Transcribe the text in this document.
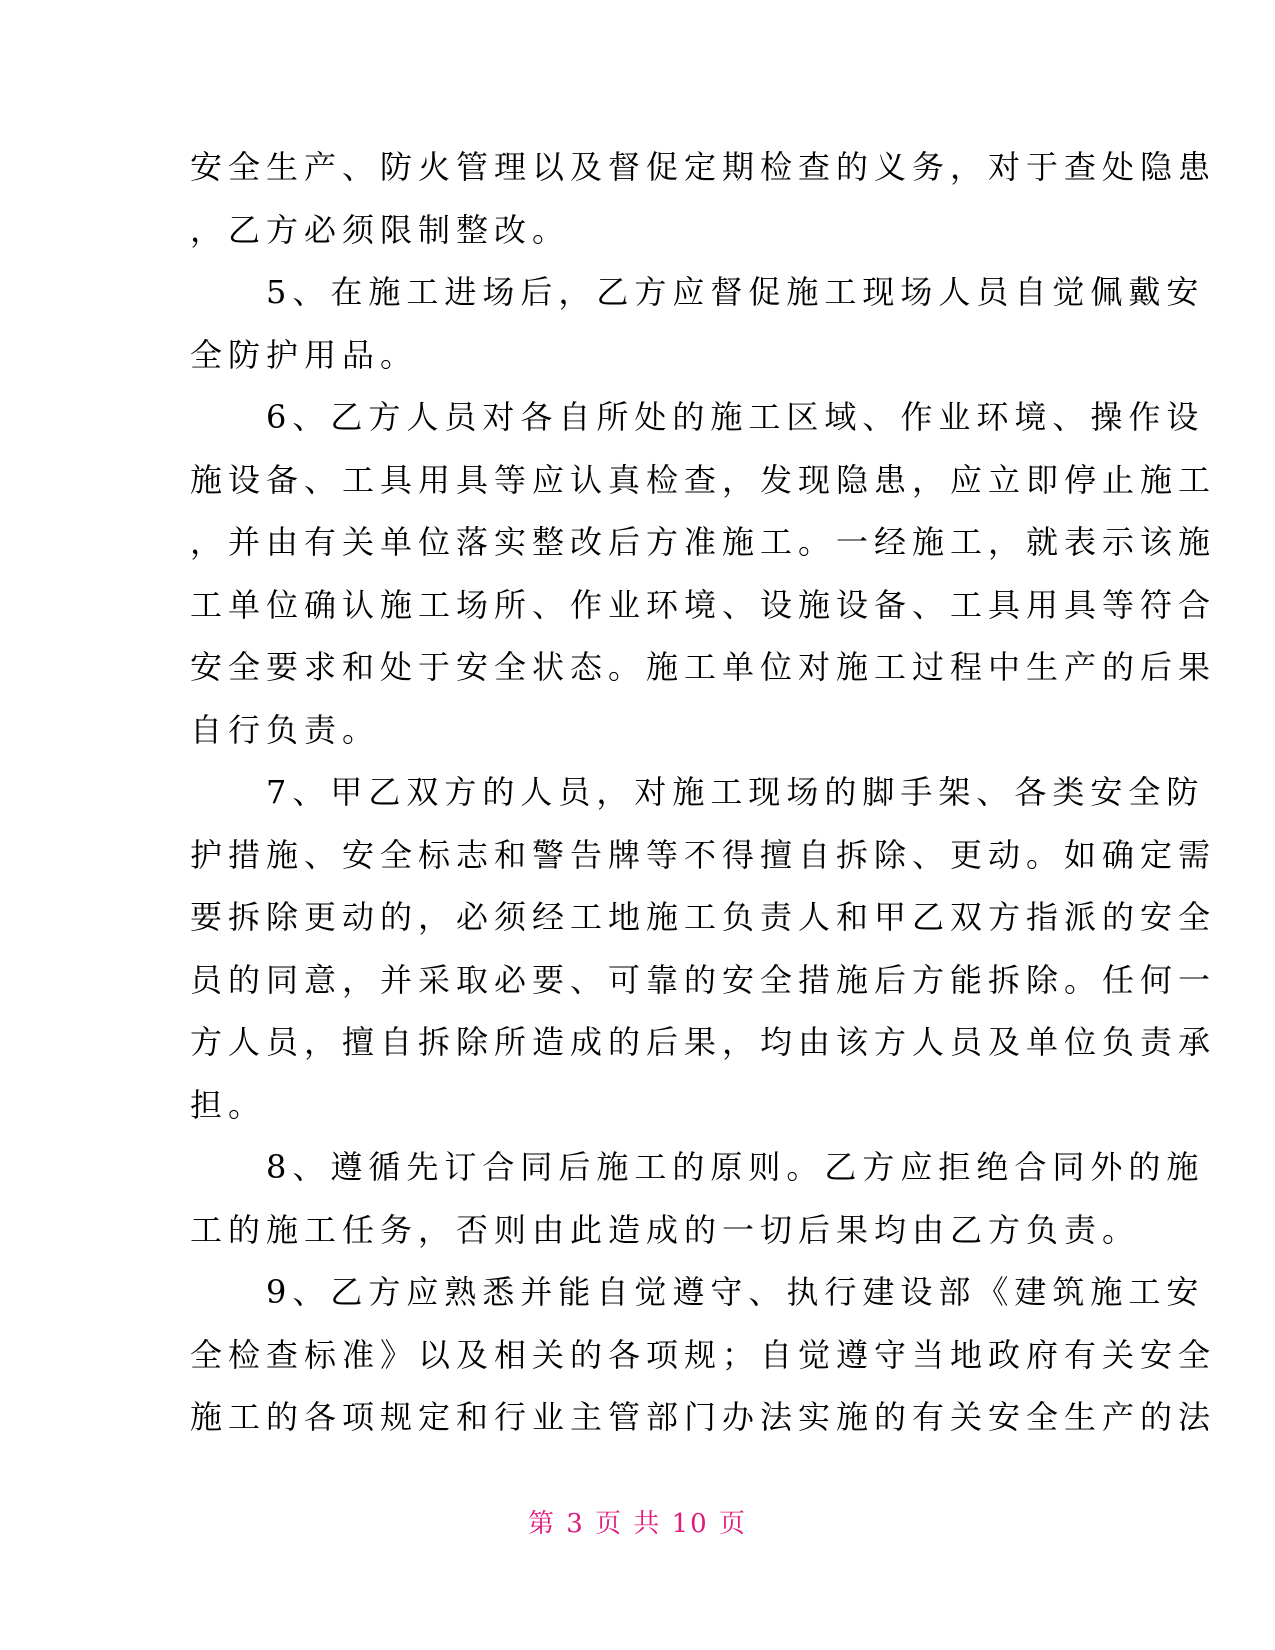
安全生产、防火管理以及督促定期检查的义务，对于查处隐患
，乙方必须限制整改。
　　5、在施工进场后，乙方应督促施工现场人员自觉佩戴安
全防护用品。
　　6、乙方人员对各自所处的施工区域、作业环境、操作设
施设备、工具用具等应认真检查，发现隐患，应立即停止施工
，并由有关单位落实整改后方准施工。一经施工，就表示该施
工单位确认施工场所、作业环境、设施设备、工具用具等符合
安全要求和处于安全状态。施工单位对施工过程中生产的后果
自行负责。
　　7、甲乙双方的人员，对施工现场的脚手架、各类安全防
护措施、安全标志和警告牌等不得擅自拆除、更动。如确定需
要拆除更动的，必须经工地施工负责人和甲乙双方指派的安全
员的同意，并采取必要、可靠的安全措施后方能拆除。任何一
方人员，擅自拆除所造成的后果，均由该方人员及单位负责承
担。
　　8、遵循先订合同后施工的原则。乙方应拒绝合同外的施
工的施工任务，否则由此造成的一切后果均由乙方负责。
　　9、乙方应熟悉并能自觉遵守、执行建设部《建筑施工安
全检查标准》以及相关的各项规；自觉遵守当地政府有关安全
施工的各项规定和行业主管部门办法实施的有关安全生产的法
第 3 页 共 10 页
